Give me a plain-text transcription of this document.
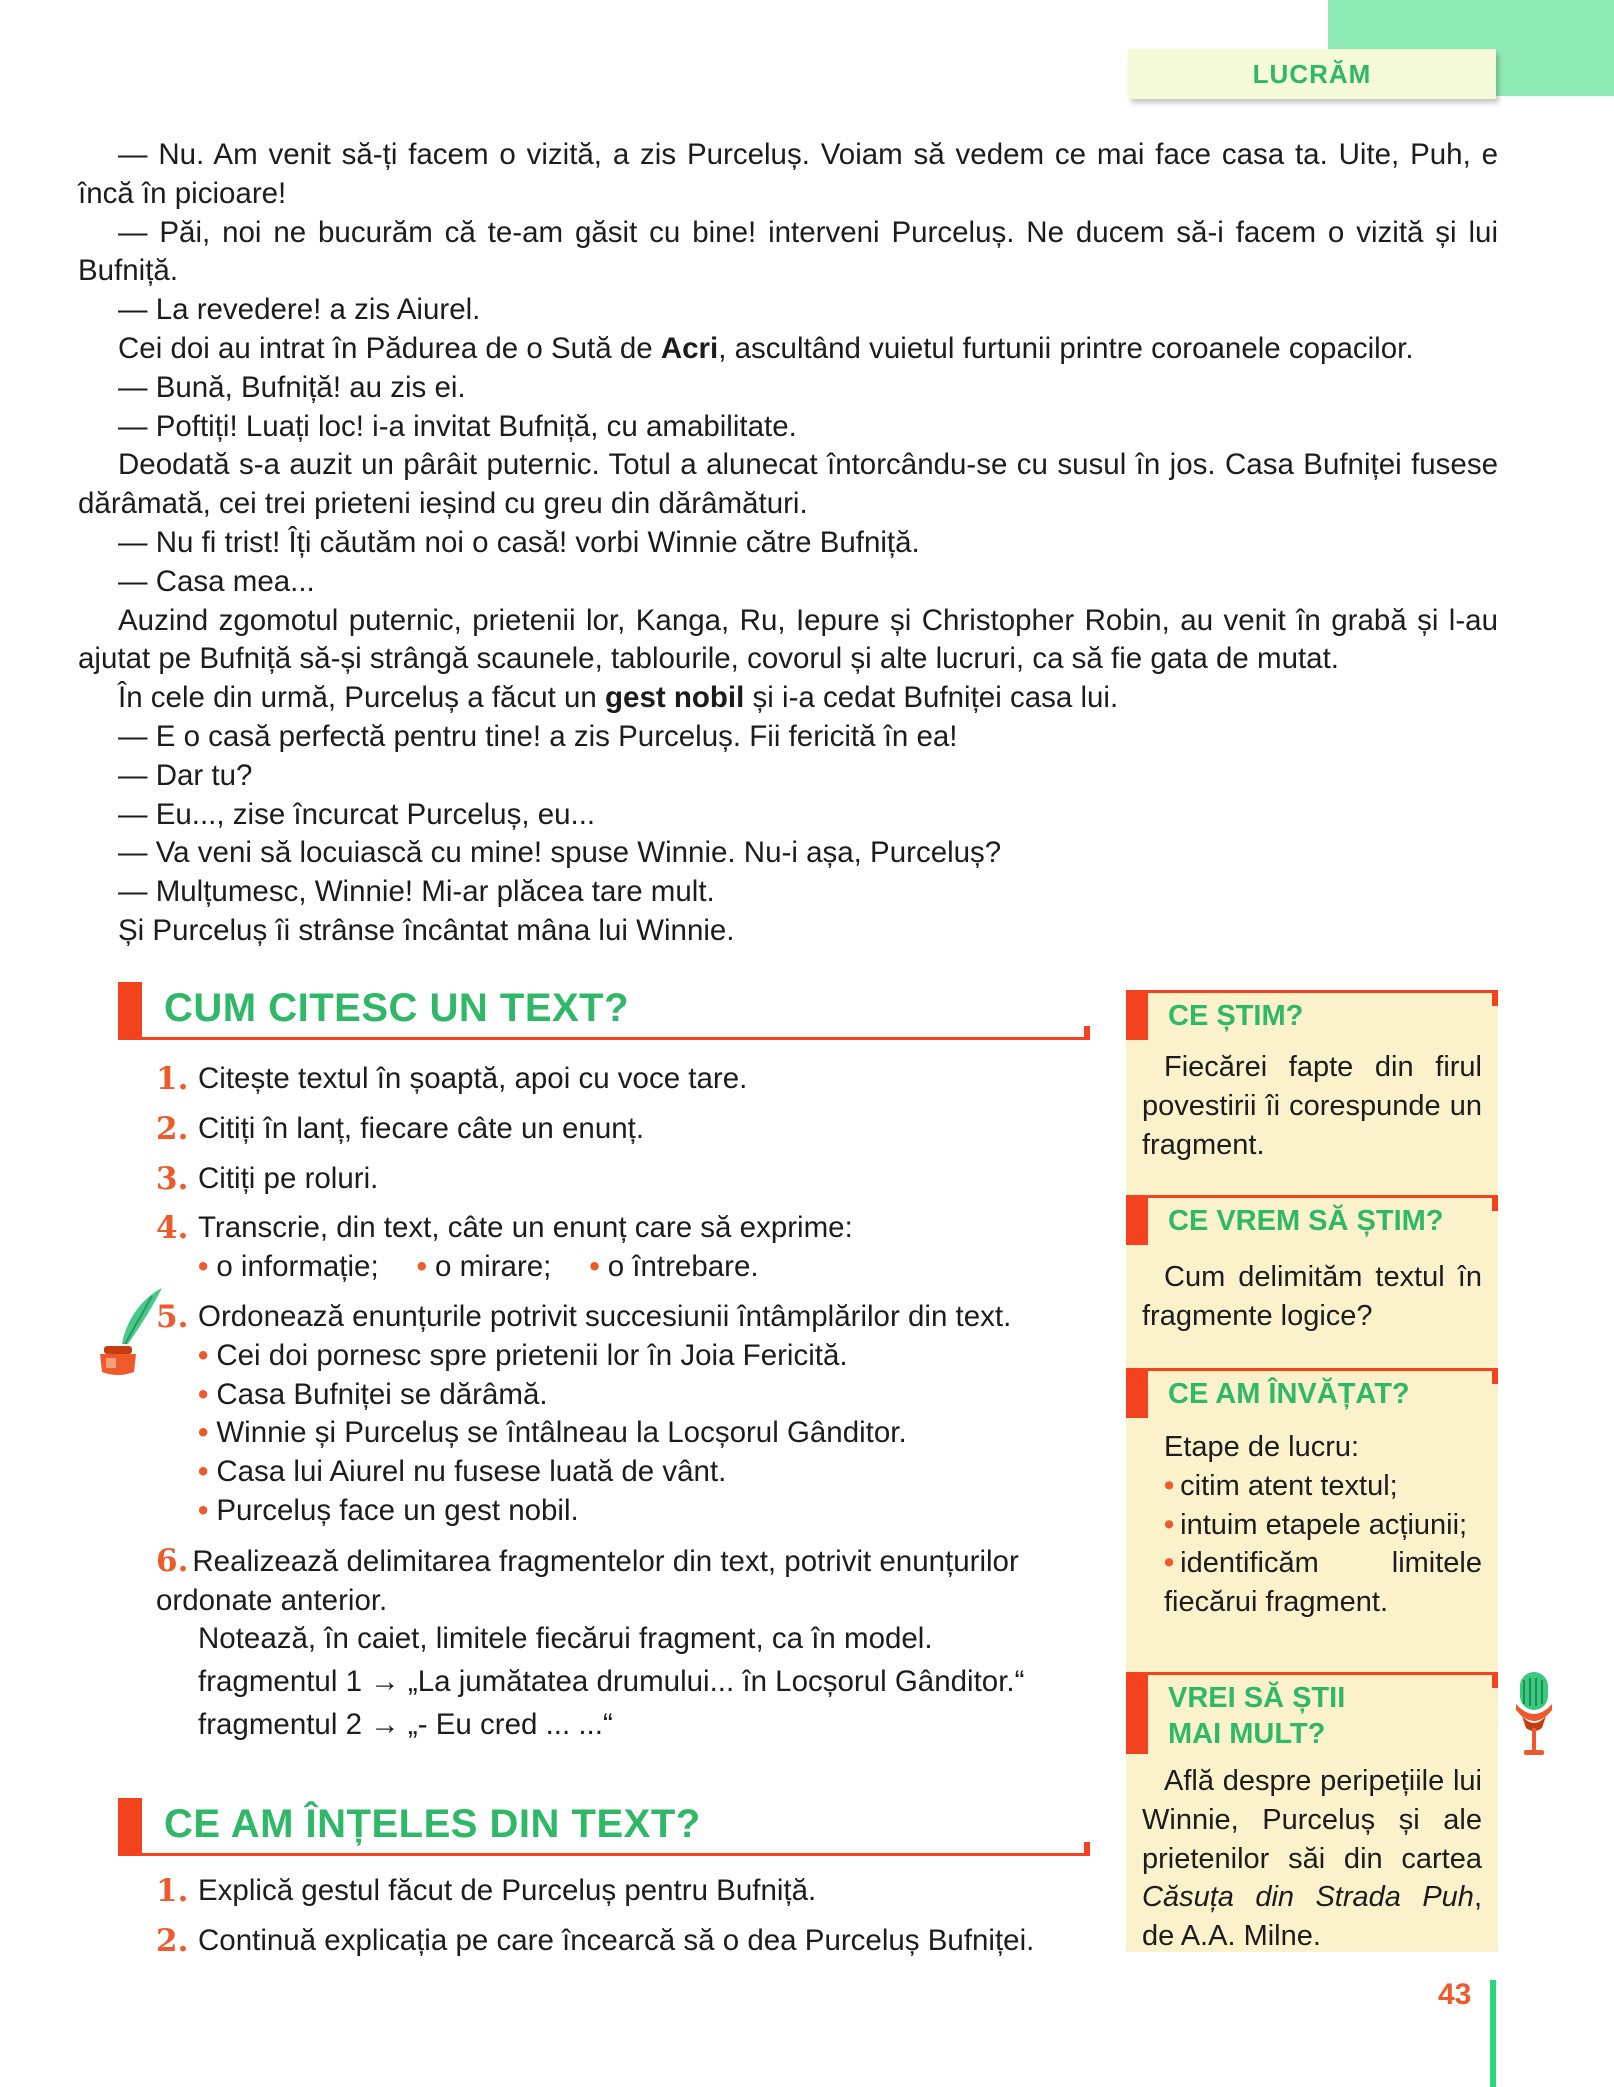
LUCRĂM

— Nu. Am venit să-ți facem o vizită, a zis Purceluș. Voiam să vedem ce mai face casa ta. Uite, Puh, e încă în picioare!

— Păi, noi ne bucurăm că te-am găsit cu bine! interveni Purceluș. Ne ducem să-i facem o vizită și lui Bufniță.

— La revedere! a zis Aiurel.

Cei doi au intrat în Pădurea de o Sută de Acri, ascultând vuietul furtunii printre coroanele copacilor.

— Bună, Bufniță! au zis ei.

— Poftiți! Luați loc! i-a invitat Bufniță, cu amabilitate.

Deodată s-a auzit un pârâit puternic. Totul a alunecat întorcându-se cu susul în jos. Casa Bufniței fusese dărâmată, cei trei prieteni ieșind cu greu din dărâmături.

— Nu fi trist! Îți căutăm noi o casă! vorbi Winnie către Bufniță.

— Casa mea...

Auzind zgomotul puternic, prietenii lor, Kanga, Ru, Iepure și Christopher Robin, au venit în grabă și l-au ajutat pe Bufniță să-și strângă scaunele, tablourile, covorul și alte lucruri, ca să fie gata de mutat.

În cele din urmă, Purceluș a făcut un gest nobil și i-a cedat Bufniței casa lui.

— E o casă perfectă pentru tine! a zis Purceluș. Fii fericită în ea!

— Dar tu?

— Eu..., zise încurcat Purceluș, eu...

— Va veni să locuiască cu mine! spuse Winnie. Nu-i așa, Purceluș?

— Mulțumesc, Winnie! Mi-ar plăcea tare mult.

Și Purceluș îi strânse încântat mâna lui Winnie.

CUM CITESC UN TEXT?
1. Citește textul în șoaptă, apoi cu voce tare.
2. Citiți în lanț, fiecare câte un enunț.
3. Citiți pe roluri.
4. Transcrie, din text, câte un enunț care să exprime:
• o informație; • o mirare; • o întrebare.
5. Ordonează enunțurile potrivit succesiunii întâmplărilor din text.
• Cei doi pornesc spre prietenii lor în Joia Fericită.
• Casa Bufniței se dărâmă.
• Winnie și Purceluș se întâlneau la Locșorul Gânditor.
• Casa lui Aiurel nu fusese luată de vânt.
• Purceluș face un gest nobil.
6. Realizează delimitarea fragmentelor din text, potrivit enunțurilor ordonate anterior.
Notează, în caiet, limitele fiecărui fragment, ca în model.
fragmentul 1 → „La jumătatea drumului... în Locșorul Gânditor.“
fragmentul 2 → „- Eu cred ... ...“
CE AM ÎNȚELES DIN TEXT?
1. Explică gestul făcut de Purceluș pentru Bufniță.
2. Continuă explicația pe care încearcă să o dea Purceluș Bufniței.
CE ȘTIM?
Fiecărei fapte din firul povestirii îi corespunde un fragment.
CE VREM SĂ ȘTIM?
Cum delimităm textul în fragmente logice?
CE AM ÎNVĂȚAT?
Etape de lucru:
• citim atent textul;
• intuim etapele acțiunii;
• identificăm limitele fiecărui fragment.
VREI SĂ ȘTII
MAI MULT?
Află despre peripețiile lui Winnie, Purceluș și ale prietenilor săi din cartea Căsuța din Strada Puh, de A.A. Milne.
43
